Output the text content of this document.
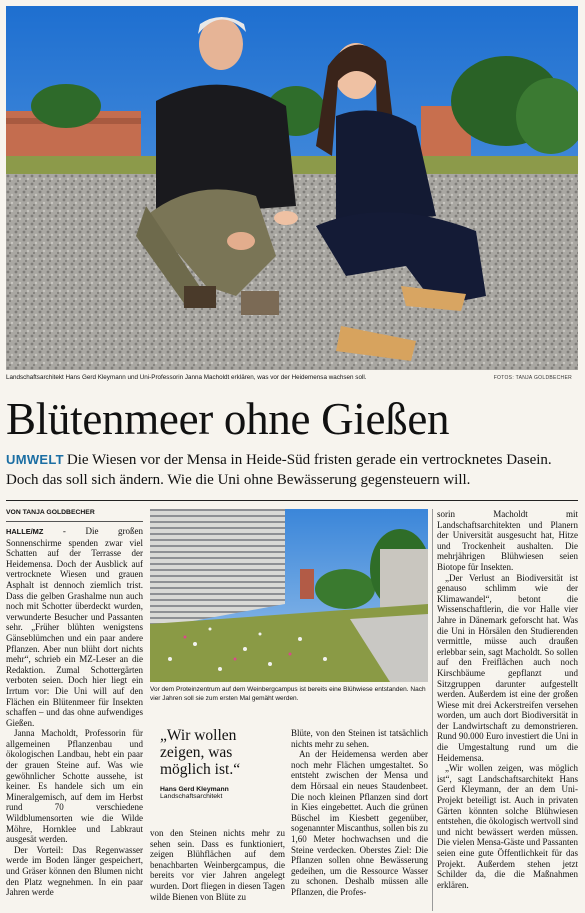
Landschaftsarchitekt Hans Gerd Kleymann und Uni-Professorin Janna Macholdt erklären, was vor der Heidemensa wachsen soll.	FOTOS: TANJA GOLDBECHER
Blütenmeer ohne Gießen
UMWELT Die Wiesen vor der Mensa in Heide-Süd fristen gerade ein vertrocknetes Dasein. Doch das soll sich ändern. Wie die Uni ohne Bewässerung gegensteuern will.
VON TANJA GOLDBECHER

HALLE/MZ - Die großen Sonnenschirme spenden zwar viel Schatten auf der Terrasse der Heidemensa. Doch der Ausblick auf vertrocknete Wiesen und grauen Asphalt ist dennoch ziemlich trist. Dass die gelben Grashalme nun auch noch mit Schotter überdeckt wurden, verwunderte Besucher und Passanten sehr. „Früher blühten wenigstens Gänseblümchen und ein paar andere Pflanzen. Aber nun blüht dort nichts mehr“, schrieb ein MZ-Leser an die Redaktion. Zumal Schottergärten verboten seien. Doch hier liegt ein Irrtum vor: Die Uni will auf den Flächen ein Blütenmeer für Insekten schaffen – und das ohne aufwendiges Gießen.

Janna Macholdt, Professorin für allgemeinen Pflanzenbau und ökologischen Landbau, hebt ein paar der grauen Steine auf. Was wie gewöhnlicher Schotte aussehe, ist keiner. Es handele sich um ein Mineralgemisch, auf dem im Herbst rund 70 verschiedene Wildblumensorten wie die Wilde Möhre, Hornklee und Labkraut ausgesät werden.

Der Vorteil: Das Regenwasser werde im Boden länger gespeichert, und Gräser können den Blumen nicht den Platz wegnehmen. In ein paar Jahren werde

Vor dem Proteinzentrum auf dem Weinbergcampus ist bereits eine Blühwiese entstanden. Nach vier Jahren soll sie zum ersten Mal gemäht werden.
„Wir wollen zeigen, was möglich ist.“
Hans Gerd Kleymann
Landschaftsarchitekt

von den Steinen nichts mehr zu sehen sein. Dass es funktioniert, zeigen Blühflächen auf dem benachbarten Weinbergcampus, die bereits vor vier Jahren angelegt wurden. Dort fliegen in diesen Tagen wilde Bienen von Blüte zu

Blüte, von den Steinen ist tatsächlich nichts mehr zu sehen.

An der Heidemensa werden aber noch mehr Flächen umgestaltet. So entsteht zwischen der Mensa und dem Hörsaal ein neues Staudenbeet. Die noch kleinen Pflanzen sind dort in Kies eingebettet. Auch die grünen Büschel im Kiesbett gegenüber, sogenannter Miscanthus, sollen bis zu 1,60 Meter hochwachsen und die Steine verdecken. Oberstes Ziel: Die Pflanzen sollen ohne Bewässerung gedeihen, um die Ressource Wasser zu schonen. Deshalb müssen alle Pflanzen, die Profes-

sorin Macholdt mit Landschaftsarchitekten und Planern der Universität ausgesucht hat, Hitze und Trockenheit aushalten. Die mehrjährigen Blühwiesen seien Biotope für Insekten.

„Der Verlust an Biodiversität ist genauso schlimm wie der Klimawandel“, betont die Wissenschaftlerin, die vor Halle vier Jahre in Dänemark geforscht hat. Was die Uni in Hörsälen den Studierenden vermittle, müsse auch draußen erlebbar sein, sagt Macholdt. So sollen auf den Freiflächen auch noch Kirschbäume gepflanzt und Sitzgruppen darunter aufgestellt werden. Außerdem ist eine der großen Wiese mit drei Ackerstreifen versehen worden, um auch dort Biodiversität in der Landwirtschaft zu demonstrieren. Rund 90.000 Euro investiert die Uni in die Umgestaltung rund um die Heidemensa.

„Wir wollen zeigen, was möglich ist“, sagt Landschaftsarchitekt Hans Gerd Kleymann, der an dem Uni-Projekt beteiligt ist. Auch in privaten Gärten könnten solche Blühwiesen entstehen, die ökologisch wertvoll sind und nicht bewässert werden müssen. Die vielen Mensa-Gäste und Passanten seien eine gute Öffentlichkeit für das Projekt. Außerdem stehen jetzt Schilder da, die die Maßnahmen erklären.
